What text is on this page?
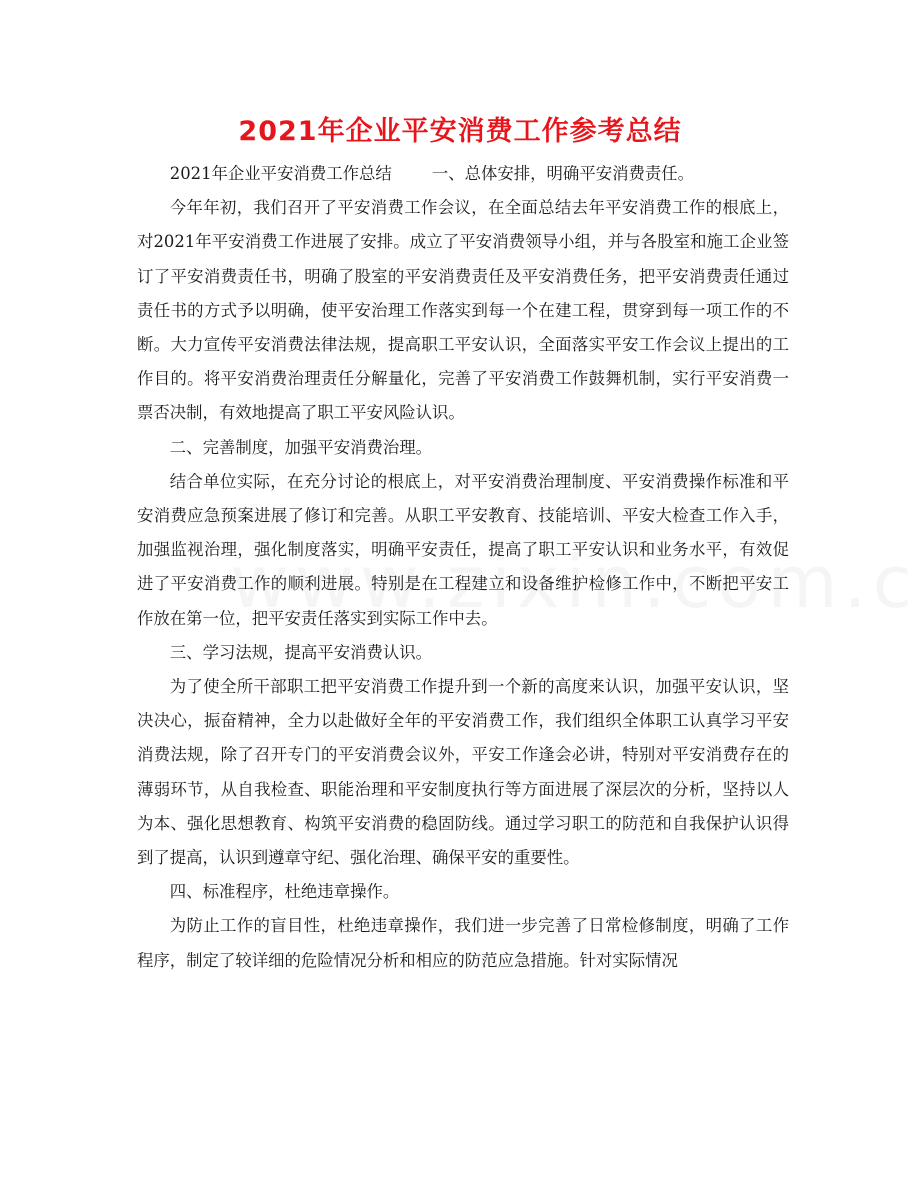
2021年企业平安消费工作参考总结

2021年企业平安消费工作总结 一、总体安排，明确平安消费责任。

今年年初，我们召开了平安消费工作会议，在全面总结去年平安消费工作的根底上，对2021年平安消费工作进展了安排。成立了平安消费领导小组，并与各股室和施工企业签订了平安消费责任书，明确了股室的平安消费责任及平安消费任务，把平安消费责任通过责任书的方式予以明确，使平安治理工作落实到每一个在建工程，贯穿到每一项工作的不断。大力宣传平安消费法律法规，提高职工平安认识，全面落实平安工作会议上提出的工作目的。将平安消费治理责任分解量化，完善了平安消费工作鼓舞机制，实行平安消费一票否决制，有效地提高了职工平安风险认识。

二、完善制度，加强平安消费治理。

结合单位实际，在充分讨论的根底上，对平安消费治理制度、平安消费操作标准和平安消费应急预案进展了修订和完善。从职工平安教育、技能培训、平安大检查工作入手，加强监视治理，强化制度落实，明确平安责任，提高了职工平安认识和业务水平，有效促进了平安消费工作的顺利进展。特别是在工程建立和设备维护检修工作中，不断把平安工作放在第一位，把平安责任落实到实际工作中去。

三、学习法规，提高平安消费认识。

为了使全所干部职工把平安消费工作提升到一个新的高度来认识，加强平安认识，坚决决心，振奋精神，全力以赴做好全年的平安消费工作，我们组织全体职工认真学习平安消费法规，除了召开专门的平安消费会议外，平安工作逢会必讲，特别对平安消费存在的薄弱环节，从自我检查、职能治理和平安制度执行等方面进展了深层次的分析，坚持以人为本、强化思想教育、构筑平安消费的稳固防线。通过学习职工的防范和自我保护认识得到了提高，认识到遵章守纪、强化治理、确保平安的重要性。

四、标准程序，杜绝违章操作。

为防止工作的盲目性，杜绝违章操作，我们进一步完善了日常检修制度，明确了工作程序，制定了较详细的危险情况分析和相应的防范应急措施。针对实际情况
